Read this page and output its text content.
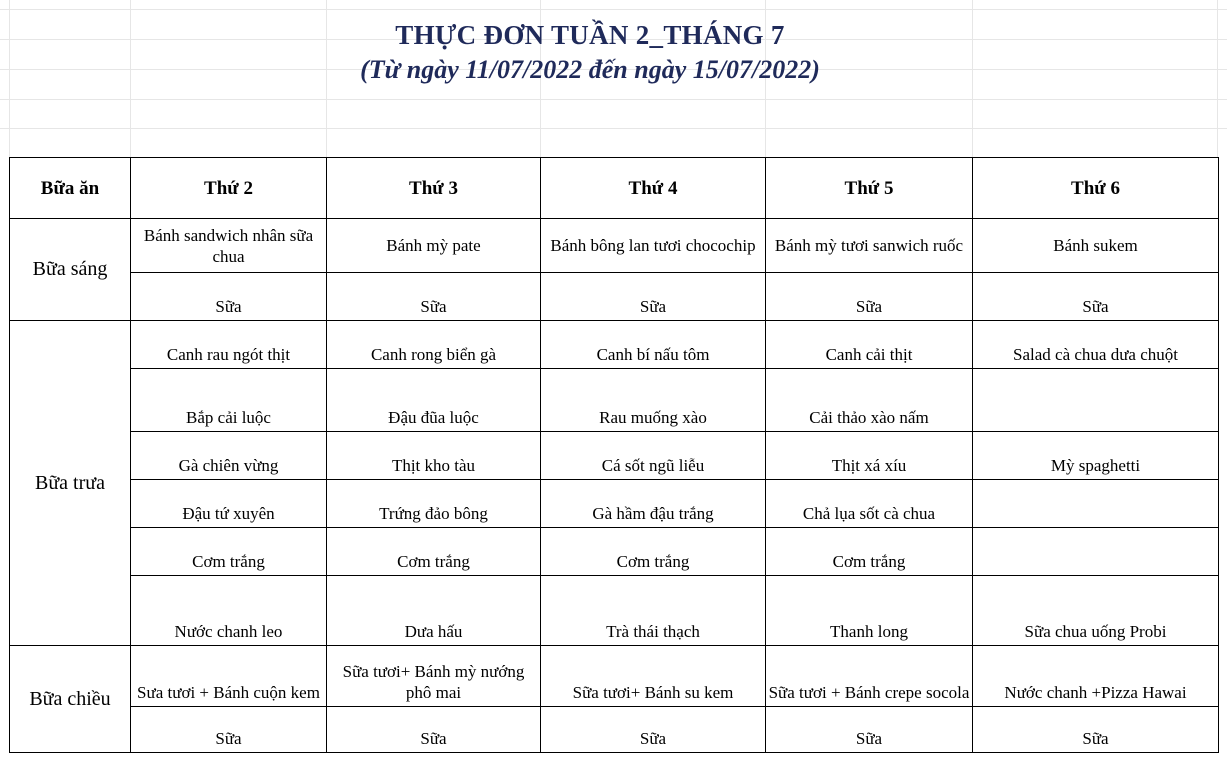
THỰC ĐƠN TUẦN 2_THÁNG 7
(Từ ngày 11/07/2022 đến ngày 15/07/2022)
Bữa ăn	Thứ 2	Thứ 3	Thứ 4	Thứ 5	Thứ 6
Bữa sáng	Bánh sandwich nhân sữa chua	Bánh mỳ pate	Bánh bông lan tươi chocochip	Bánh mỳ tươi sanwich ruốc	Bánh sukem
	Sữa	Sữa	Sữa	Sữa	Sữa
Bữa trưa	Canh rau ngót thịt	Canh rong biển gà	Canh bí nấu tôm	Canh cải thịt	Salad cà chua dưa chuột
	Bắp cải luộc	Đậu đũa luộc	Rau muống xào	Cải thảo xào nấm	
	Gà chiên vừng	Thịt kho tàu	Cá sốt ngũ liễu	Thịt xá xíu	Mỳ spaghetti
	Đậu tứ xuyên	Trứng đảo bông	Gà hầm đậu trắng	Chả lụa sốt cà chua	
	Cơm trắng	Cơm trắng	Cơm trắng	Cơm trắng	
	Nước chanh leo	Dưa hấu	Trà thái thạch	Thanh long	Sữa chua uống Probi
Bữa chiều	Sưa tươi + Bánh cuộn kem	Sữa tươi+ Bánh mỳ nướng phô mai	Sữa tươi+ Bánh su kem	Sữa tươi + Bánh crepe socola	Nước chanh +Pizza Hawai
	Sữa	Sữa	Sữa	Sữa	Sữa
